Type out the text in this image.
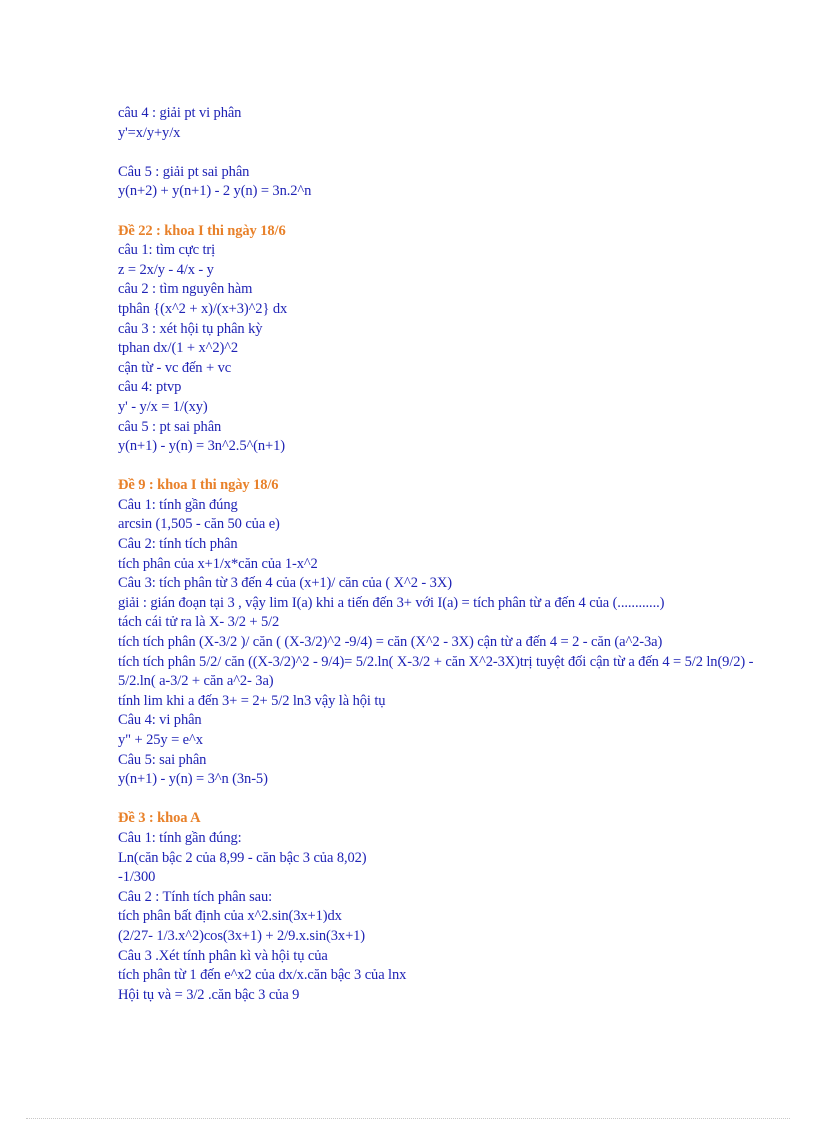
câu 4 : giải pt vi phân
y'=x/y+y/x
Câu 5 : giải pt sai phân
y(n+2) + y(n+1) - 2 y(n) = 3n.2^n
Đề 22 : khoa I thi ngày 18/6
câu 1: tìm cực trị
z = 2x/y - 4/x - y
câu 2 : tìm nguyên hàm
tphân {(x^2 + x)/(x+3)^2} dx
câu 3 : xét hội tụ phân kỳ
tphan dx/(1 + x^2)^2
cận từ - vc đến + vc
câu 4: ptvp
y' - y/x = 1/(xy)
câu 5 : pt sai phân
y(n+1) - y(n) = 3n^2.5^(n+1)
Đề 9 : khoa I thi ngày 18/6
Câu 1: tính gần đúng
arcsin (1,505 - căn 50 của e)
Câu 2: tính tích phân
tích phân của x+1/x*căn của 1-x^2
Câu 3: tích phân từ 3 đến 4 của (x+1)/ căn của ( X^2 - 3X)
giải : gián đoạn tại 3 , vậy lim I(a) khi a tiến đến 3+ với I(a) = tích phân từ a đến 4 của (............)
tách cái tử ra là X- 3/2 + 5/2
tích tích phân (X-3/2 )/ căn ( (X-3/2)^2 -9/4) = căn (X^2 - 3X) cận từ a đến 4 = 2 - căn (a^2-3a)
tích tích phân 5/2/ căn ((X-3/2)^2 - 9/4)= 5/2.ln( X-3/2 + căn X^2-3X)trị tuyệt đối cận từ a đến 4 = 5/2 ln(9/2) - 5/2.ln( a-3/2 + căn a^2- 3a)
tính lim khi a đến 3+ = 2+ 5/2 ln3 vậy là hội tụ
Câu 4: vi phân
y" + 25y = e^x
Câu 5: sai phân
y(n+1) - y(n) = 3^n (3n-5)
Đề 3 : khoa A
Câu 1: tính gần đúng:
Ln(căn bậc 2 của 8,99 - căn bậc 3 của 8,02)
-1/300
Câu 2 : Tính tích phân sau:
tích phân bất định của x^2.sin(3x+1)dx
(2/27- 1/3.x^2)cos(3x+1) + 2/9.x.sin(3x+1)
Câu 3 .Xét tính phân kì và hội tụ của
tích phân từ 1 đến e^x2 của dx/x.căn bậc 3 của lnx
Hội tụ và = 3/2 .căn bậc 3 của 9
